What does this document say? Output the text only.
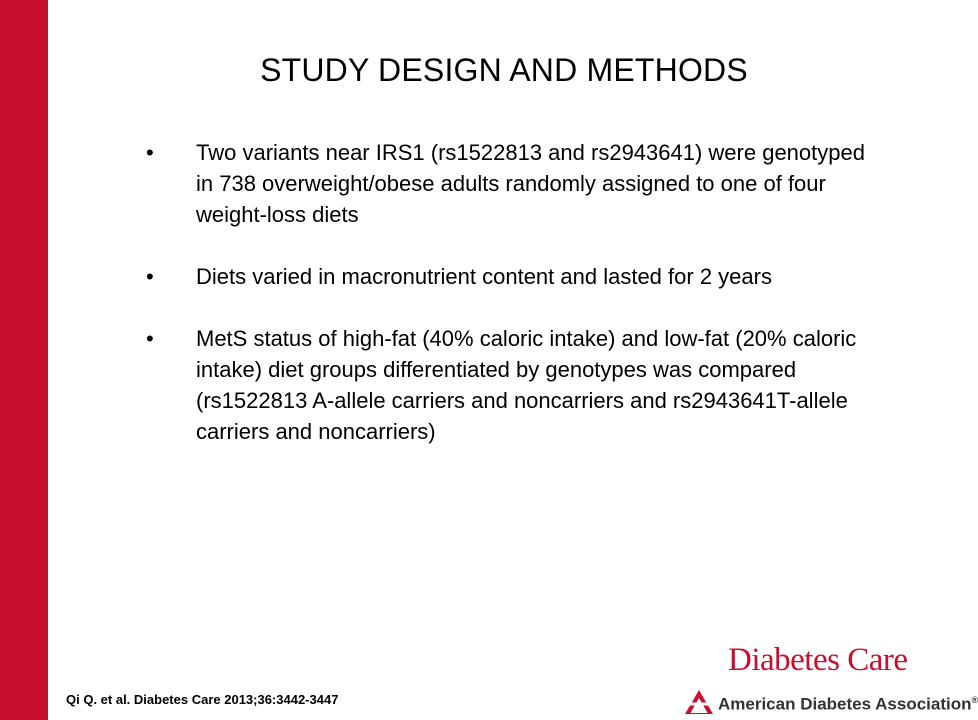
STUDY DESIGN AND METHODS
•	Two variants near IRS1 (rs1522813 and rs2943641) were genotyped in 738 overweight/obese adults randomly assigned to one of four weight-loss diets
•	Diets varied in macronutrient content and lasted for 2 years
•	MetS status of high-fat (40% caloric intake) and low-fat (20% caloric intake) diet groups differentiated by genotypes was compared (rs1522813 A-allele carriers and noncarriers and rs2943641T-allele carriers and noncarriers)
Qi Q. et al. Diabetes Care 2013;36:3442-3447
Diabetes Care
American Diabetes Association®
